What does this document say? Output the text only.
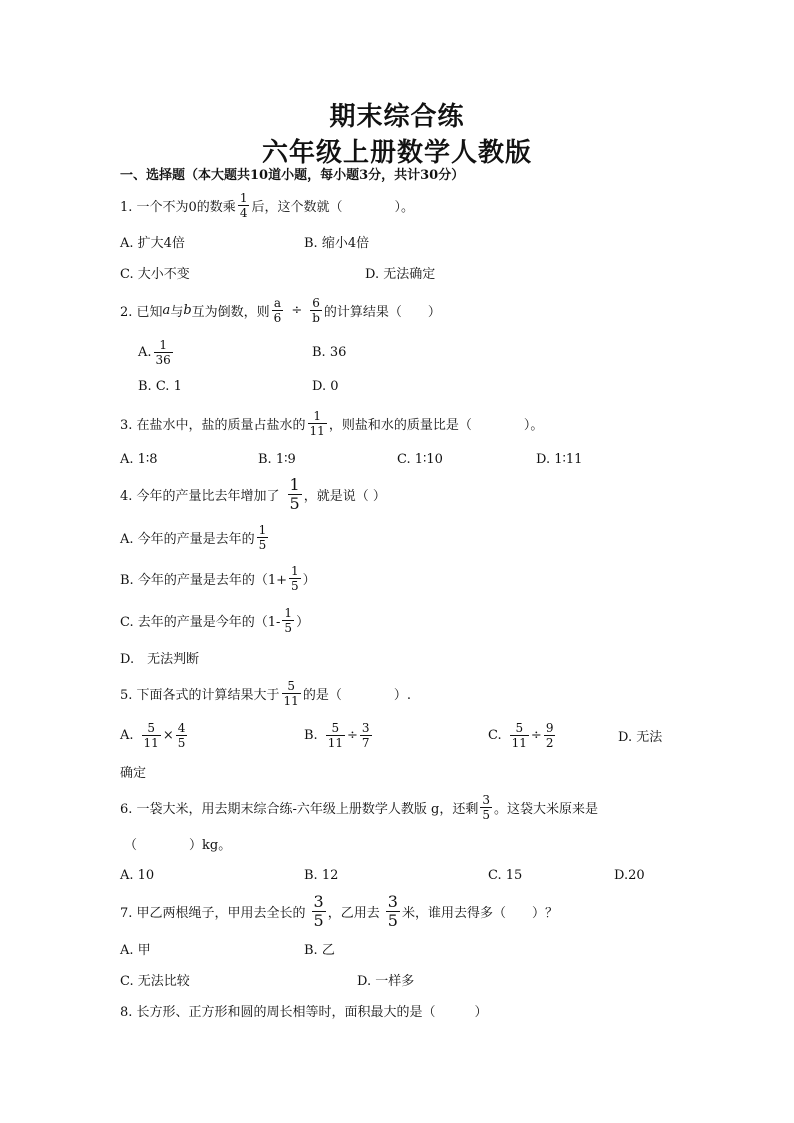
期末综合练
六年级上册数学人教版
一、选择题（本大题共10道小题，每小题3分，共计30分）
1. 一个不为0的数乘 $\frac{1}{4}$ 后，这个数就（　　　　）。
A. 扩大4倍	B. 缩小4倍
C. 大小不变	D. 无法确定
2. 已知 a 与 b 互为倒数，则 $\frac{a}{6} \div \frac{6}{b}$ 的计算结果（　　）
A. $\frac{1}{36}$	B. 36
B. C. 1	D. 0
3. 在盐水中，盐的质量占盐水的 $\frac{1}{11}$ ，则盐和水的质量比是（　　　　）。
A. 1∶8	B. 1∶9	C. 1∶10	D. 1∶11
4. 今年的产量比去年增加了 $\frac{1}{5}$ ，就是说（ ）
A. 今年的产量是去年的 $\frac{1}{5}$
B. 今年的产量是去年的（$1+ \frac{1}{5}$ ）
C. 去年的产量是今年的（$1- \frac{1}{5}$ ）
D.　无法判断
5. 下面各式的计算结果大于 $\frac{5}{11}$ 的是（　　　　）.
A. $\frac{5}{11} \times \frac{4}{5}$	B. $\frac{5}{11} \div \frac{3}{7}$	C. $\frac{5}{11} \div \frac{9}{2}$	D. 无法
确定
6. 一袋大米，用去期末综合练-六年级上册数学人教版 g，还剩 $\frac{3}{5}$ 。这袋大米原来是
（　　　　）kg。
A. 10	B. 12	C. 15	D.20
7. 甲乙两根绳子，甲用去全长的 $\frac{3}{5}$ ，乙用去 $\frac{3}{5}$ 米，谁用去得多（　　）？
A. 甲	B. 乙
C. 无法比较	D. 一样多
8. 长方形、正方形和圆的周长相等时，面积最大的是（　　　）
